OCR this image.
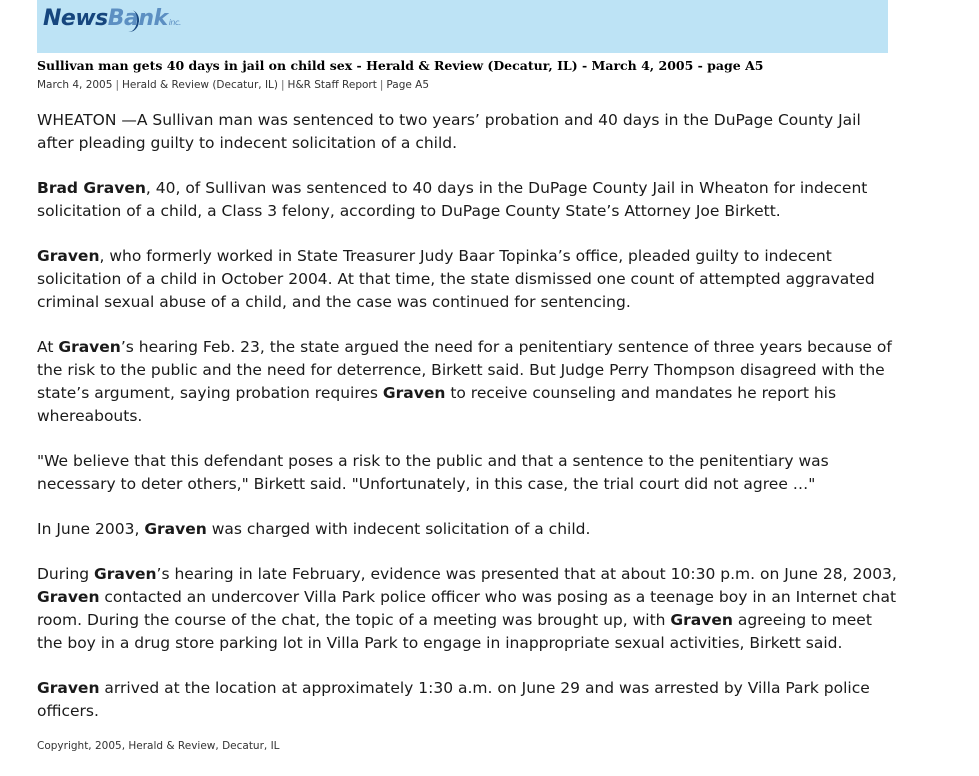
NewsBankinc.
Sullivan man gets 40 days in jail on child sex - Herald & Review (Decatur, IL) - March 4, 2005 - page A5
March 4, 2005 | Herald & Review (Decatur, IL) | H&R Staff Report | Page A5

WHEATON —A Sullivan man was sentenced to two years’ probation and 40 days in the DuPage County Jail after pleading guilty to indecent solicitation of a child.

Brad Graven, 40, of Sullivan was sentenced to 40 days in the DuPage County Jail in Wheaton for indecent solicitation of a child, a Class 3 felony, according to DuPage County State’s Attorney Joe Birkett.

Graven, who formerly worked in State Treasurer Judy Baar Topinka’s office, pleaded guilty to indecent solicitation of a child in October 2004. At that time, the state dismissed one count of attempted aggravated criminal sexual abuse of a child, and the case was continued for sentencing.

At Graven’s hearing Feb. 23, the state argued the need for a penitentiary sentence of three years because of the risk to the public and the need for deterrence, Birkett said. But Judge Perry Thompson disagreed with the state’s argument, saying probation requires Graven to receive counseling and mandates he report his whereabouts.

"We believe that this defendant poses a risk to the public and that a sentence to the penitentiary was necessary to deter others," Birkett said. "Unfortunately, in this case, the trial court did not agree …"

In June 2003, Graven was charged with indecent solicitation of a child.

During Graven’s hearing in late February, evidence was presented that at about 10:30 p.m. on June 28, 2003, Graven contacted an undercover Villa Park police officer who was posing as a teenage boy in an Internet chat room. During the course of the chat, the topic of a meeting was brought up, with Graven agreeing to meet the boy in a drug store parking lot in Villa Park to engage in inappropriate sexual activities, Birkett said.

Graven arrived at the location at approximately 1:30 a.m. on June 29 and was arrested by Villa Park police officers.

Copyright, 2005, Herald & Review, Decatur, IL
